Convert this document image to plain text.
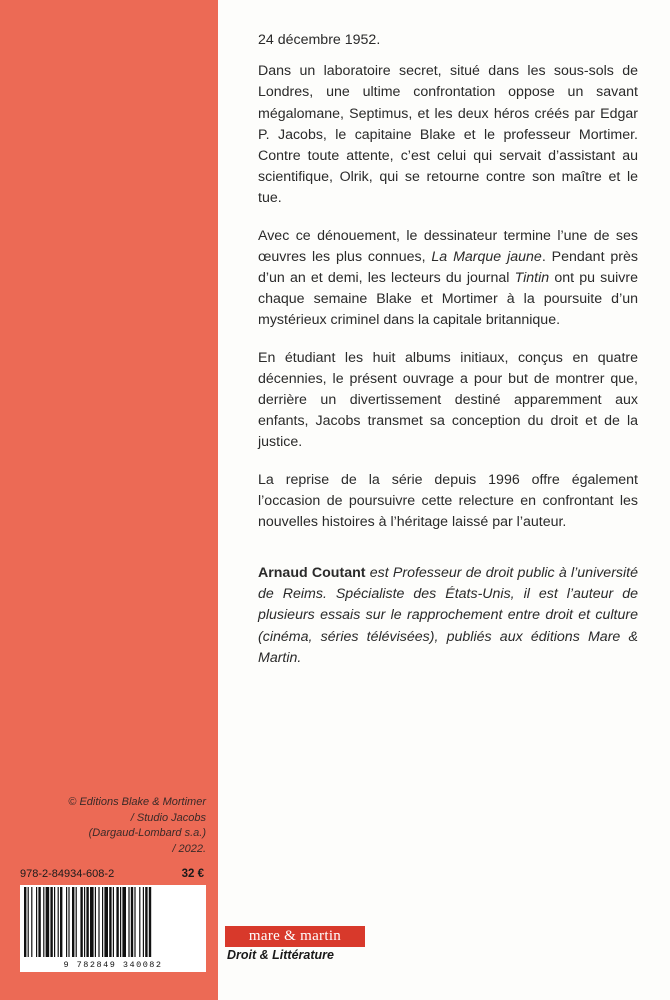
24 décembre 1952.

Dans un laboratoire secret, situé dans les sous-sols de Londres, une ultime confrontation oppose un savant mégalomane, Septimus, et les deux héros créés par Edgar P. Jacobs, le capitaine Blake et le professeur Mortimer. Contre toute attente, c’est celui qui servait d’assistant au scientifique, Olrik, qui se retourne contre son maître et le tue.

Avec ce dénouement, le dessinateur termine l’une de ses œuvres les plus connues, La Marque jaune. Pendant près d’un an et demi, les lecteurs du journal Tintin ont pu suivre chaque semaine Blake et Mortimer à la poursuite d’un mystérieux criminel dans la capitale britannique.

En étudiant les huit albums initiaux, conçus en quatre décennies, le présent ouvrage a pour but de montrer que, derrière un divertissement destiné apparemment aux enfants, Jacobs transmet sa conception du droit et de la justice.

La reprise de la série depuis 1996 offre également l’occasion de poursuivre cette relecture en confrontant les nouvelles histoires à l’héritage laissé par l’auteur.

Arnaud Coutant est Professeur de droit public à l’université de Reims. Spécialiste des États-Unis, il est l’auteur de plusieurs essais sur le rapprochement entre droit et culture (cinéma, séries télévisées), publiés aux éditions Mare & Martin.
© Editions Blake & Mortimer
/ Studio Jacobs
(Dargaud-Lombard s.a.)
/ 2022.
978-2-84934-608-2	32 €
9 782849 340082
mare & martin
Droit & Littérature
